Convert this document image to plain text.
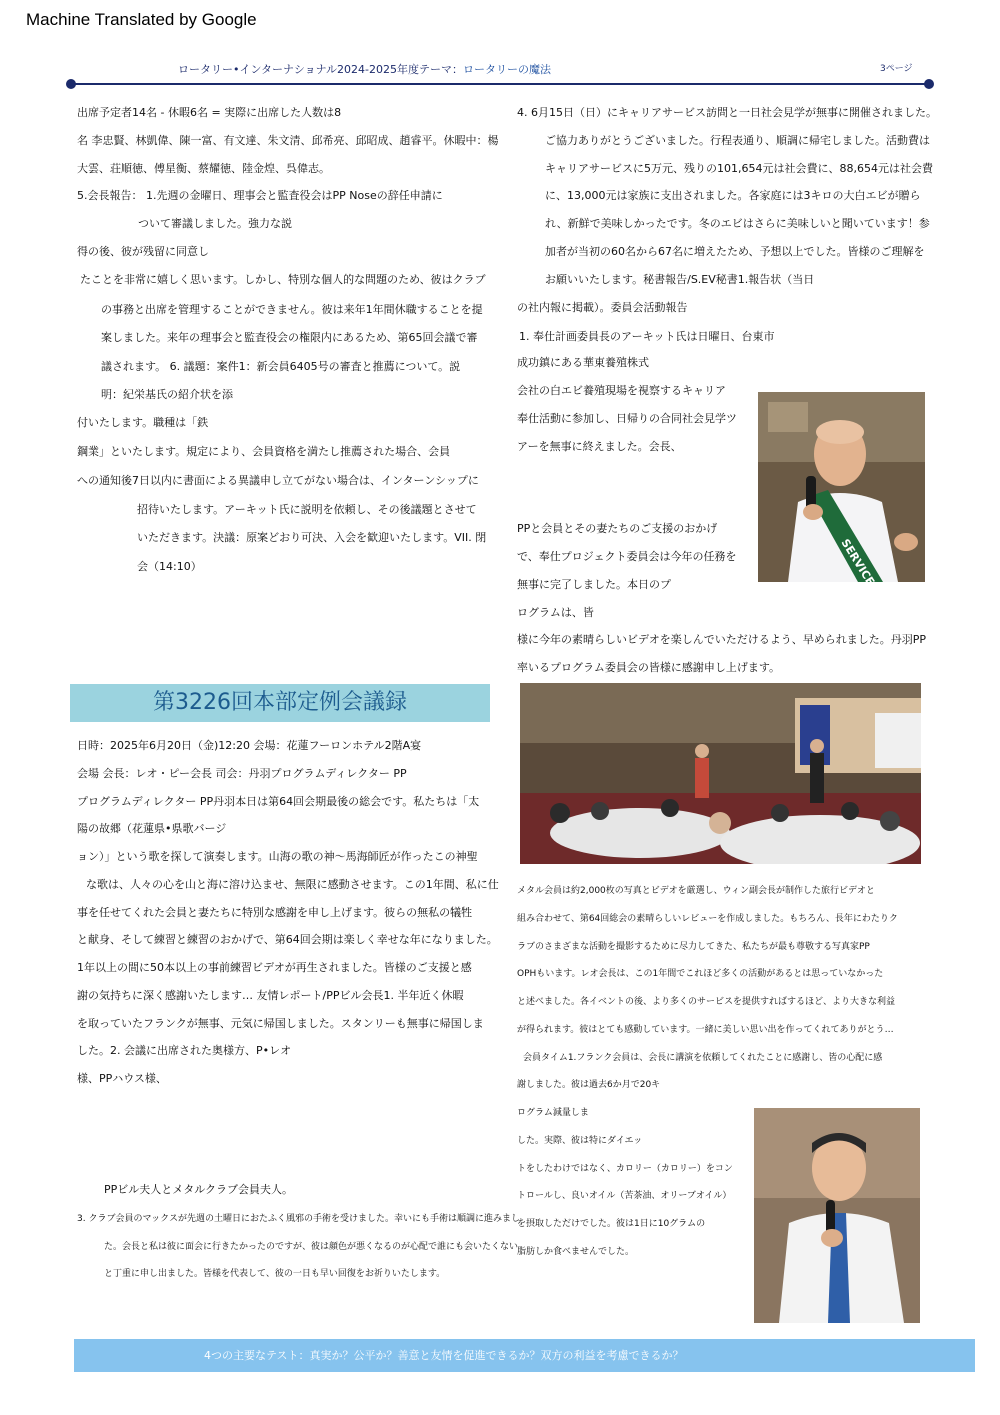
Machine Translated by Google
ロータリー•インターナショナル2024-2025年度テーマ：ロータリーの魔法	3ページ
出席予定者14名 - 休暇6名 = 実際に出席した人数は8
名 李忠賢、林凱偉、陳一富、有文達、朱文清、邱希亮、邱昭成、趙睿平。休暇中：楊
大雲、荘順徳、傅星衡、蔡耀徳、陸金煌、呉偉志。
5.会長報告： 1.先週の金曜日、理事会と監査役会はPP Noseの辞任申請に
ついて審議しました。強力な説
得の後、彼が残留に同意し
たことを非常に嬉しく思います。しかし、特別な個人的な問題のため、彼はクラブ
の事務と出席を管理することができません。彼は来年1年間休職することを提
案しました。来年の理事会と監査役会の権限内にあるため、第65回会議で審
議されます。 6. 議題：案件1：新会員6405号の審査と推薦について。説
明：紀栄基氏の紹介状を添
付いたします。職種は「鉄
鋼業」といたします。規定により、会員資格を満たし推薦された場合、会員
への通知後7日以内に書面による異議申し立てがない場合は、インターンシップに
招待いたします。アーキット氏に説明を依頼し、その後議題とさせて
いただきます。決議：原案どおり可決、入会を歓迎いたします。VII. 閉
会（14:10）
第3226回本部定例会議録
日時：2025年6月20日（金)12:20 会場：花蓮フーロンホテル2階A宴
会場 会長：レオ・ピー会長 司会：丹羽プログラムディレクター PP
プログラムディレクター PP丹羽本日は第64回会期最後の総会です。私たちは「太
陽の故郷（花蓮県•県歌バージ
ョン）」という歌を探して演奏します。山海の歌の神～馬海師匠が作ったこの神聖
な歌は、人々の心を山と海に溶け込ませ、無限に感動させます。この1年間、私に仕
事を任せてくれた会員と妻たちに特別な感謝を申し上げます。彼らの無私の犠牲
と献身、そして練習と練習のおかげで、第64回会期は楽しく幸せな年になりました。
1年以上の間に50本以上の事前練習ビデオが再生されました。皆様のご支援と感
謝の気持ちに深く感謝いたします… 友情レポート/PPビル会長1. 半年近く休暇
を取っていたフランクが無事、元気に帰国しました。スタンリーも無事に帰国しま
した。2. 会議に出席された奥様方、P•レオ
様、PPハウス様、
PPビル夫人とメタルクラブ会員夫人。
3. クラブ会員のマックスが先週の土曜日におたふく風邪の手術を受けました。幸いにも手術は順調に進みまし
た。会長と私は彼に面会に行きたかったのですが、彼は顔色が悪くなるのが心配で誰にも会いたくない
と丁重に申し出ました。皆様を代表して、彼の一日も早い回復をお祈りいたします。
4. 6月15日（日）にキャリアサービス訪問と一日社会見学が無事に開催されました。
ご協力ありがとうございました。行程表通り、順調に帰宅しました。活動費は
キャリアサービスに5万元、残りの101,654元は社会費に、88,654元は社会費
に、13,000元は家族に支出されました。各家庭には3キロの大白エビが贈ら
れ、新鮮で美味しかったです。冬のエビはさらに美味しいと聞いています！参
加者が当初の60名から67名に増えたため、予想以上でした。皆様のご理解を
お願いいたします。秘書報告/S.EV秘書1.報告状（当日
の社内報に掲載）。委員会活動報告
1. 奉仕計画委員長のアーキット氏は日曜日、台東市
成功鎮にある華東養殖株式
会社の白エビ養殖現場を視察するキャリア
奉仕活動に参加し、日帰りの合同社会見学ツ
アーを無事に終えました。会長、
PPと会員とその妻たちのご支援のおかげ
で、奉仕プロジェクト委員会は今年の任務を
無事に完了しました。本日のプ
ログラムは、皆
様に今年の素晴らしいビデオを楽しんでいただけるよう、早められました。丹羽PP
率いるプログラム委員会の皆様に感謝申し上げます。
SERVICE
メタル会員は約2,000枚の写真とビデオを厳選し、ウィン副会長が制作した旅行ビデオと
組み合わせて、第64回総会の素晴らしいレビューを作成しました。もちろん、長年にわたりク
ラブのさまざまな活動を撮影するために尽力してきた、私たちが最も尊敬する写真家PP
OPHもいます。レオ会長は、この1年間でこれほど多くの活動があるとは思っていなかった
と述べました。各イベントの後、より多くのサービスを提供すればするほど、より大きな利益
が得られます。彼はとても感動しています。一緒に美しい思い出を作ってくれてありがとう…
会員タイム1.フランク会員は、会長に講演を依頼してくれたことに感謝し、皆の心配に感
謝しました。彼は過去6か月で20キ
ログラム減量しま
した。実際、彼は特にダイエッ
トをしたわけではなく、カロリー（カロリー）をコン
トロールし、良いオイル（苦茶油、オリーブオイル）
を摂取しただけでした。彼は1日に10グラムの
脂肪しか食べませんでした。
4つの主要なテスト：真実か？公平か？善意と友情を促進できるか？双方の利益を考慮できるか？
